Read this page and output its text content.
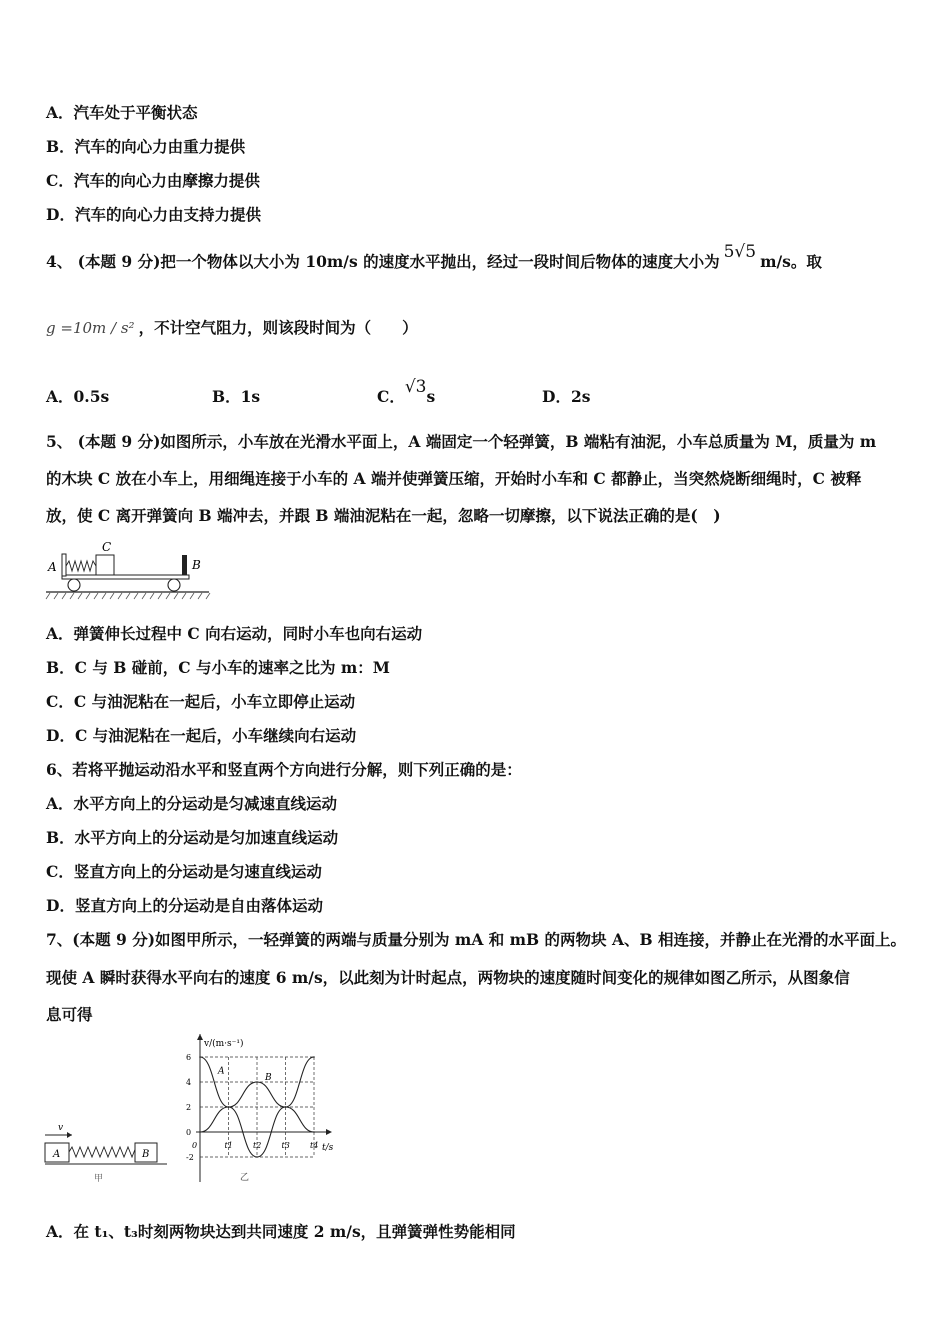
A．汽车处于平衡状态
B．汽车的向心力由重力提供
C．汽车的向心力由摩擦力提供
D．汽车的向心力由支持力提供
4、 (本题 9 分)把一个物体以大小为 10m/s 的速度水平抛出，经过一段时间后物体的速度大小为 5√5 m/s。取
g =10m / s² ，不计空气阻力，则该段时间为（　　）
A．0.5s	B．1s	C．√3s	D．2s
5、 (本题 9 分)如图所示，小车放在光滑水平面上，A 端固定一个轻弹簧，B 端粘有油泥，小车总质量为 M，质量为 m
的木块 C 放在小车上，用细绳连接于小车的 A 端并使弹簧压缩，开始时小车和 C 都静止，当突然烧断细绳时，C 被释
放，使 C 离开弹簧向 B 端冲去，并跟 B 端油泥粘在一起，忽略一切摩擦，以下说法正确的是(　)
A
C
B
A．弹簧伸长过程中 C 向右运动，同时小车也向右运动
B．C 与 B 碰前，C 与小车的速率之比为 m：M
C．C 与油泥粘在一起后，小车立即停止运动
D．C 与油泥粘在一起后，小车继续向右运动
6、若将平抛运动沿水平和竖直两个方向进行分解，则下列正确的是：
A．水平方向上的分运动是匀减速直线运动
B．水平方向上的分运动是匀加速直线运动
C．竖直方向上的分运动是匀速直线运动
D．竖直方向上的分运动是自由落体运动
7、(本题 9 分)如图甲所示，一轻弹簧的两端与质量分别为 mA 和 mB 的两物块 A、B 相连接，并静止在光滑的水平面上。
现使 A 瞬时获得水平向右的速度 6 m/s，以此刻为计时起点，两物块的速度随时间变化的规律如图乙所示，从图象信
息可得
v
A	B
甲
6
4
2
0
-2
0	t1	t2	t3	t4
A
B
v/(m·s⁻¹)
t/s
乙
A．在 t₁、t₃时刻两物块达到共同速度 2 m/s，且弹簧弹性势能相同
